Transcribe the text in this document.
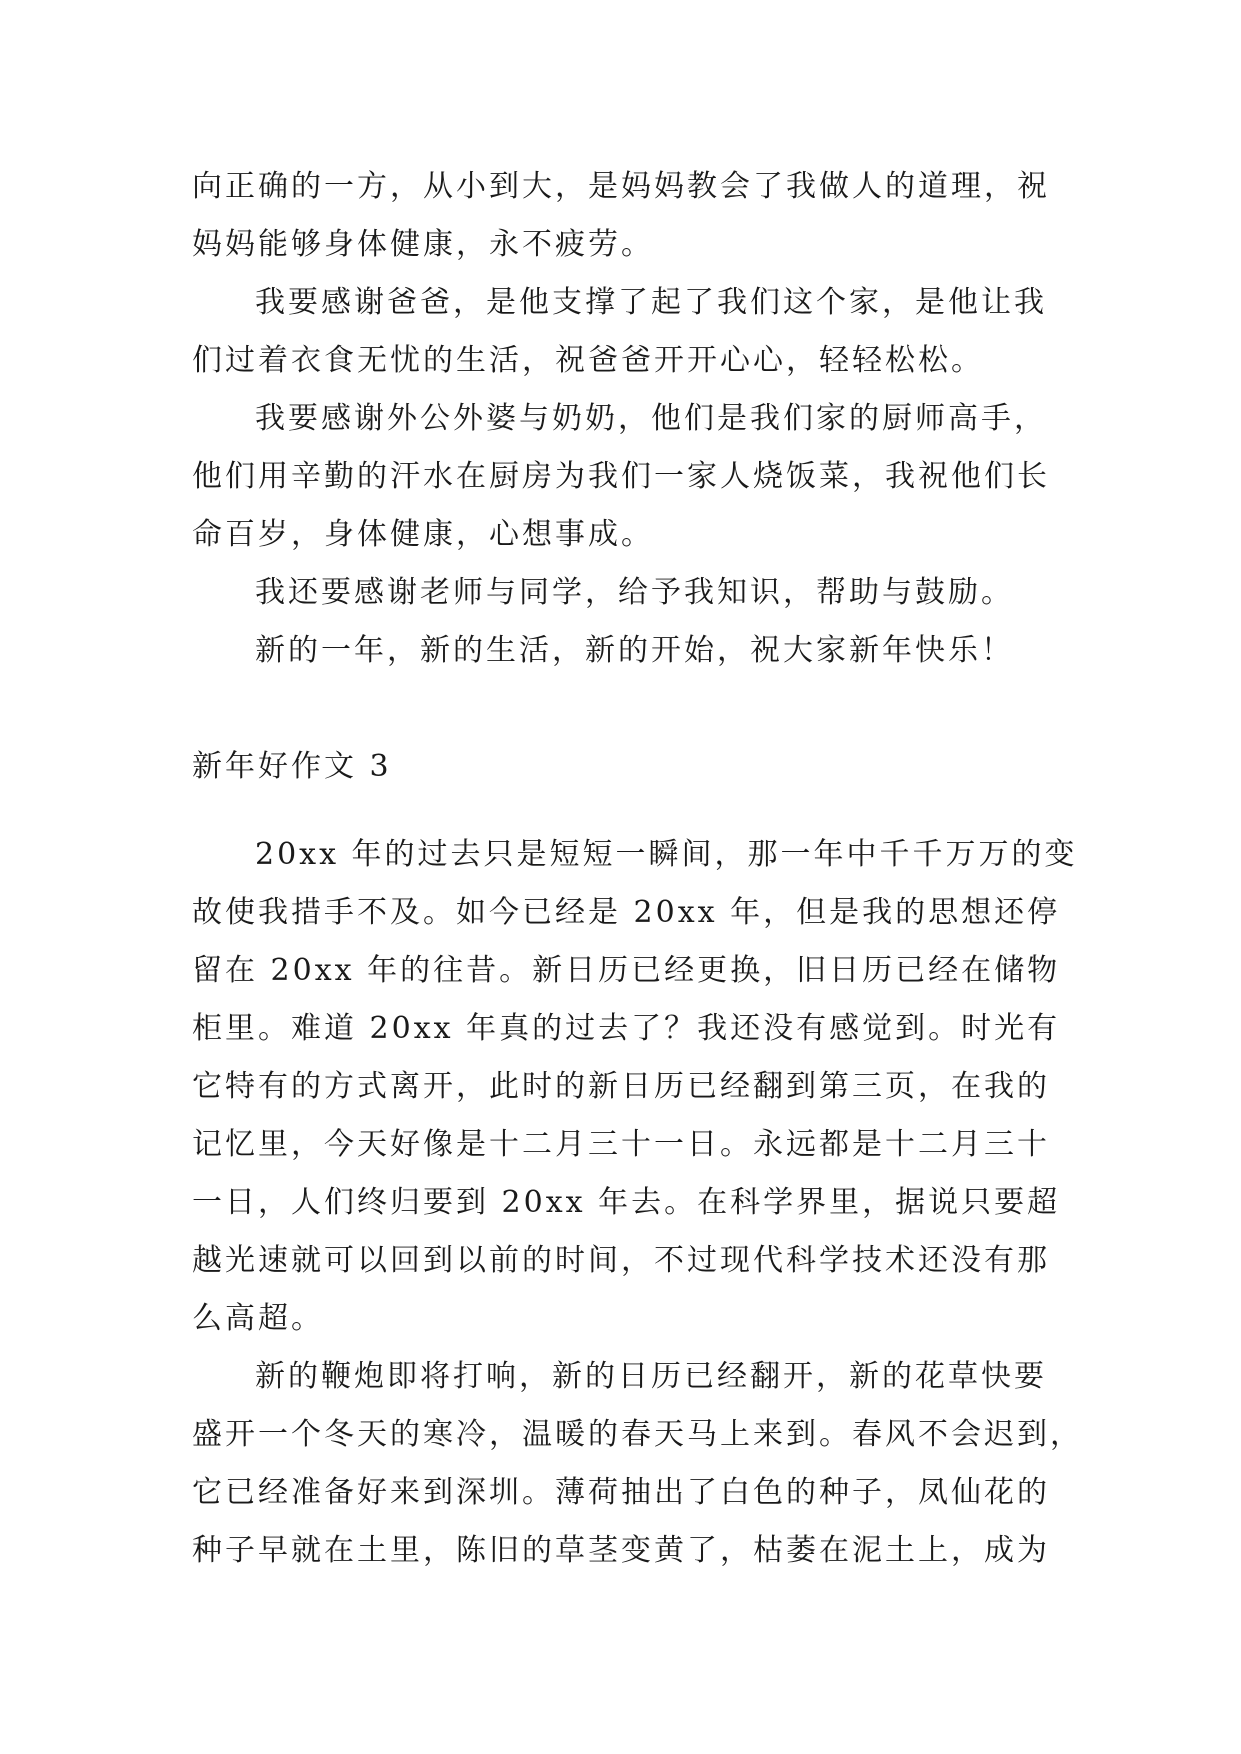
向正确的一方，从小到大，是妈妈教会了我做人的道理，祝

妈妈能够身体健康，永不疲劳。

我要感谢爸爸，是他支撑了起了我们这个家，是他让我

们过着衣食无忧的生活，祝爸爸开开心心，轻轻松松。

我要感谢外公外婆与奶奶，他们是我们家的厨师高手，

他们用辛勤的汗水在厨房为我们一家人烧饭菜，我祝他们长

命百岁，身体健康，心想事成。

我还要感谢老师与同学，给予我知识，帮助与鼓励。

新的一年，新的生活，新的开始，祝大家新年快乐！

新年好作文 3

20xx 年的过去只是短短一瞬间，那一年中千千万万的变

故使我措手不及。如今已经是 20xx 年，但是我的思想还停

留在 20xx 年的往昔。新日历已经更换，旧日历已经在储物

柜里。难道 20xx 年真的过去了？我还没有感觉到。时光有

它特有的方式离开，此时的新日历已经翻到第三页，在我的

记忆里，今天好像是十二月三十一日。永远都是十二月三十

一日，人们终归要到 20xx 年去。在科学界里，据说只要超

越光速就可以回到以前的时间，不过现代科学技术还没有那

么高超。

新的鞭炮即将打响，新的日历已经翻开，新的花草快要

盛开一个冬天的寒冷，温暖的春天马上来到。春风不会迟到，

它已经准备好来到深圳。薄荷抽出了白色的种子，凤仙花的

种子早就在土里，陈旧的草茎变黄了，枯萎在泥土上，成为
